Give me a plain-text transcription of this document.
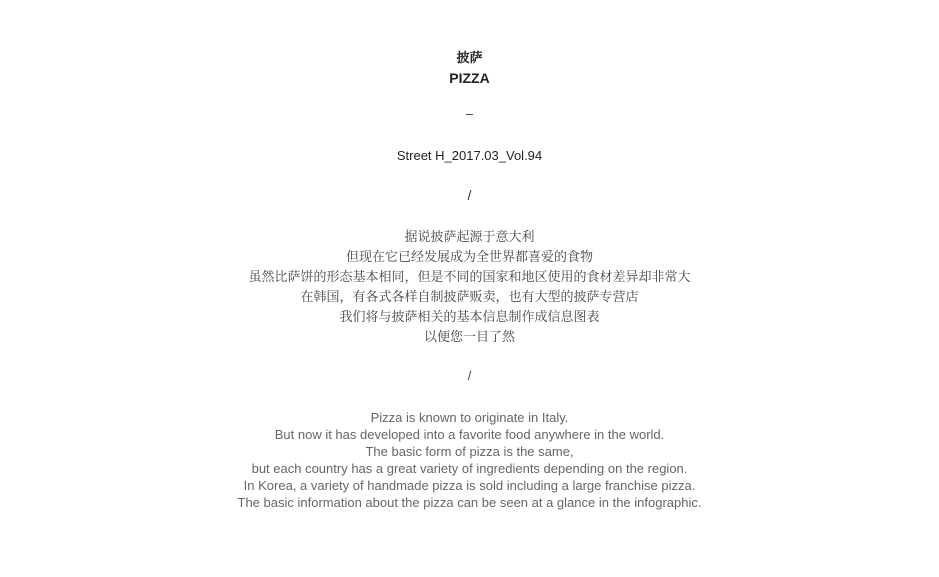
披萨
PIZZA
–
Street H_2017.03_Vol.94
/
据说披萨起源于意大利
但现在它已经发展成为全世界都喜爱的食物
虽然比萨饼的形态基本相同，但是不同的国家和地区使用的食材差异却非常大
在韩国，有各式各样自制披萨贩卖，也有大型的披萨专营店
我们将与披萨相关的基本信息制作成信息图表
以便您一目了然
/
Pizza is known to originate in Italy.
But now it has developed into a favorite food anywhere in the world.
The basic form of pizza is the same,
but each country has a great variety of ingredients depending on the region.
In Korea, a variety of handmade pizza is sold including a large franchise pizza.
The basic information about the pizza can be seen at a glance in the infographic.
